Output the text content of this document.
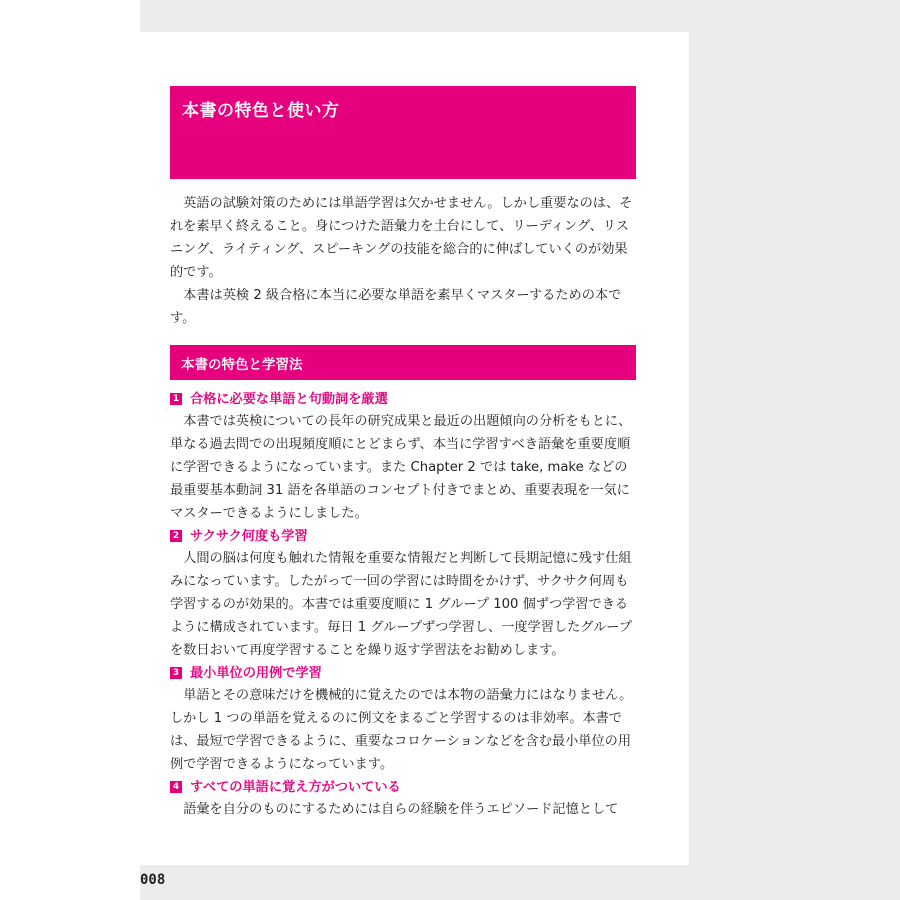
本書の特色と使い方

英語の試験対策のためには単語学習は欠かせません。しかし重要なのは、それを素早く終えること。身につけた語彙力を土台にして、リーディング、リスニング、ライティング、スピーキングの技能を総合的に伸ばしていくのが効果的です。

本書は英検 2 級合格に本当に必要な単語を素早くマスターするための本です。

本書の特色と学習法
1 合格に必要な単語と句動詞を厳選

本書では英検についての長年の研究成果と最近の出題傾向の分析をもとに、単なる過去問での出現頻度順にとどまらず、本当に学習すべき語彙を重要度順に学習できるようになっています。また Chapter 2 では take, make などの最重要基本動詞 31 語を各単語のコンセプト付きでまとめ、重要表現を一気にマスターできるようにしました。

2 サクサク何度も学習

人間の脳は何度も触れた情報を重要な情報だと判断して長期記憶に残す仕組みになっています。したがって一回の学習には時間をかけず、サクサク何周も学習するのが効果的。本書では重要度順に 1 グループ 100 個ずつ学習できるように構成されています。毎日 1 グループずつ学習し、一度学習したグループを数日おいて再度学習することを繰り返す学習法をお勧めします。

3 最小単位の用例で学習

単語とその意味だけを機械的に覚えたのでは本物の語彙力にはなりません。しかし 1 つの単語を覚えるのに例文をまるごと学習するのは非効率。本書では、最短で学習できるように、重要なコロケーションなどを含む最小単位の用例で学習できるようになっています。

4 すべての単語に覚え方がついている

語彙を自分のものにするためには自らの経験を伴うエピソード記憶として

008
